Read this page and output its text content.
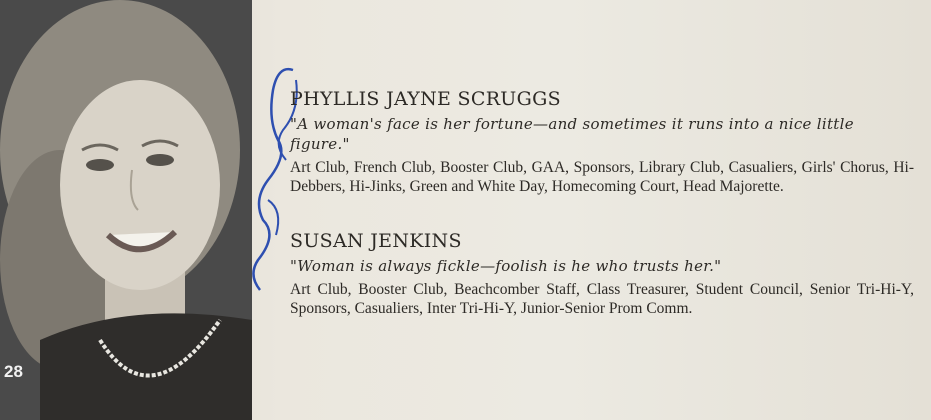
28
PHYLLIS JAYNE SCRUGGS
"A woman's face is her fortune—and sometimes it runs into a nice little figure."
Art Club, French Club, Booster Club, GAA, Sponsors, Library Club, Casualiers, Girls' Chorus, Hi-Debbers, Hi-Jinks, Green and White Day, Homecoming Court, Head Majorette.
SUSAN JENKINS
"Woman is always fickle—foolish is he who trusts her."
Art Club, Booster Club, Beachcomber Staff, Class Treasurer, Student Council, Senior Tri-Hi-Y, Sponsors, Casualiers, Inter Tri-Hi-Y, Junior-Senior Prom Comm.
